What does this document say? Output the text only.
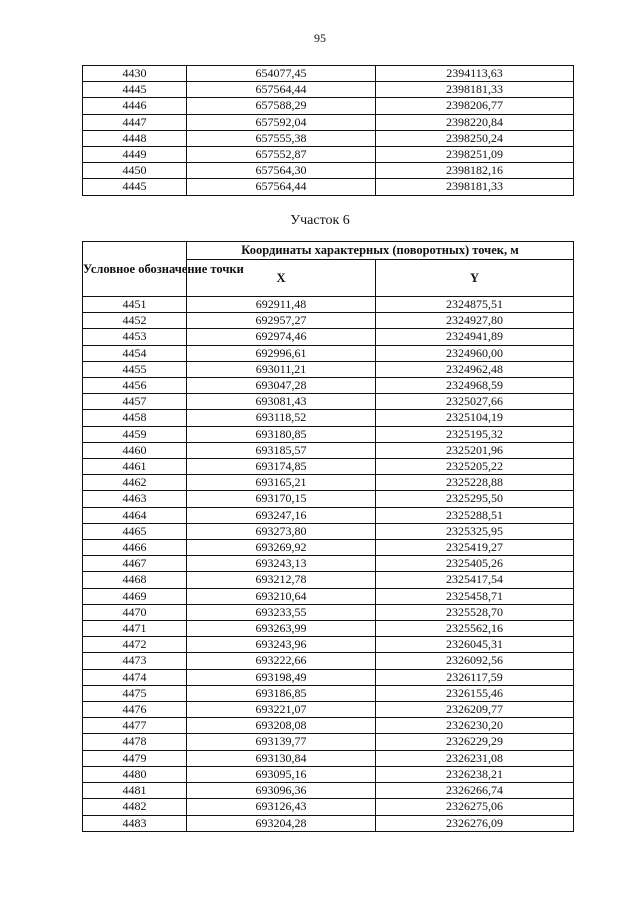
95
4430	654077,45	2394113,63
4445	657564,44	2398181,33
4446	657588,29	2398206,77
4447	657592,04	2398220,84
4448	657555,38	2398250,24
4449	657552,87	2398251,09
4450	657564,30	2398182,16
4445	657564,44	2398181,33
Участок 6
Условное обозначение точки	Координаты характерных (поворотных) точек, м	
	X	Y
4451	692911,48	2324875,51
4452	692957,27	2324927,80
4453	692974,46	2324941,89
4454	692996,61	2324960,00
4455	693011,21	2324962,48
4456	693047,28	2324968,59
4457	693081,43	2325027,66
4458	693118,52	2325104,19
4459	693180,85	2325195,32
4460	693185,57	2325201,96
4461	693174,85	2325205,22
4462	693165,21	2325228,88
4463	693170,15	2325295,50
4464	693247,16	2325288,51
4465	693273,80	2325325,95
4466	693269,92	2325419,27
4467	693243,13	2325405,26
4468	693212,78	2325417,54
4469	693210,64	2325458,71
4470	693233,55	2325528,70
4471	693263,99	2325562,16
4472	693243,96	2326045,31
4473	693222,66	2326092,56
4474	693198,49	2326117,59
4475	693186,85	2326155,46
4476	693221,07	2326209,77
4477	693208,08	2326230,20
4478	693139,77	2326229,29
4479	693130,84	2326231,08
4480	693095,16	2326238,21
4481	693096,36	2326266,74
4482	693126,43	2326275,06
4483	693204,28	2326276,09
